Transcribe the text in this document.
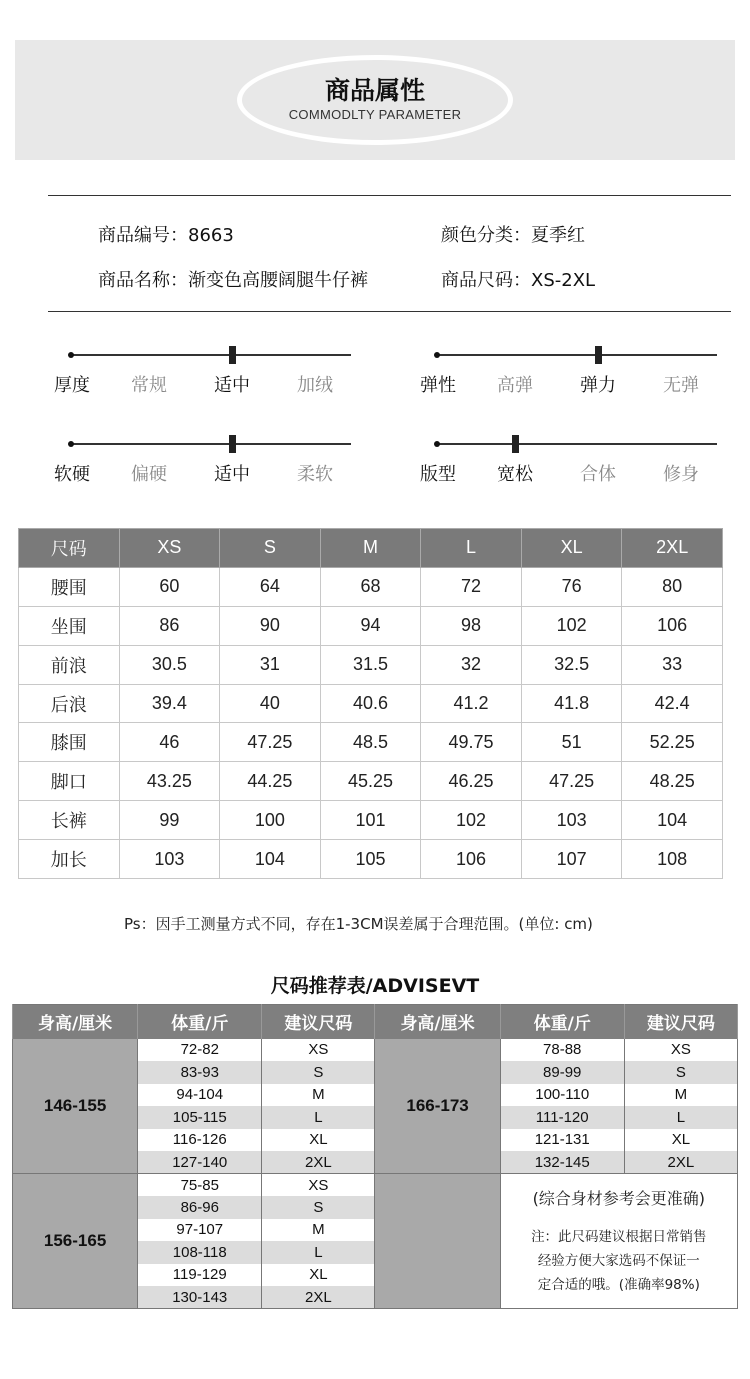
商品属性
COMMODLTY PARAMETER
商品编号：8663	颜色分类：夏季红
商品名称：渐变色高腰阔腿牛仔裤	商品尺码：XS-2XL
厚度	常规	适中	加绒	弹性	高弹	弹力	无弹
软硬	偏硬	适中	柔软	版型	宽松	合体	修身
尺码	XS	S	M	L	XL	2XL
腰围	60	64	68	72	76	80
坐围	86	90	94	98	102	106
前浪	30.5	31	31.5	32	32.5	33
后浪	39.4	40	40.6	41.2	41.8	42.4
膝围	46	47.25	48.5	49.75	51	52.25
脚口	43.25	44.25	45.25	46.25	47.25	48.25
长裤	99	100	101	102	103	104
加长	103	104	105	106	107	108
Ps：因手工测量方式不同，存在1-3CM误差属于合理范围。(单位: cm)
尺码推荐表/ADVISEVT
身高/厘米	体重/斤	建议尺码	身高/厘米	体重/斤	建议尺码
146-155	72-82	XS	166-173	78-88	XS
	83-93	S		89-99	S
	94-104	M		100-110	M
	105-115	L		111-120	L
	116-126	XL		121-131	XL
	127-140	2XL		132-145	2XL
156-165	75-85	XS		(综合身材参考会更准确)
注：此尺码建议根据日常销售
经验方便大家选码不保证一
定合适的哦。(准确率98%)	

	86-96	S			
	97-107	M			
	108-118	L			
	119-129	XL			
	130-143	2XL			
